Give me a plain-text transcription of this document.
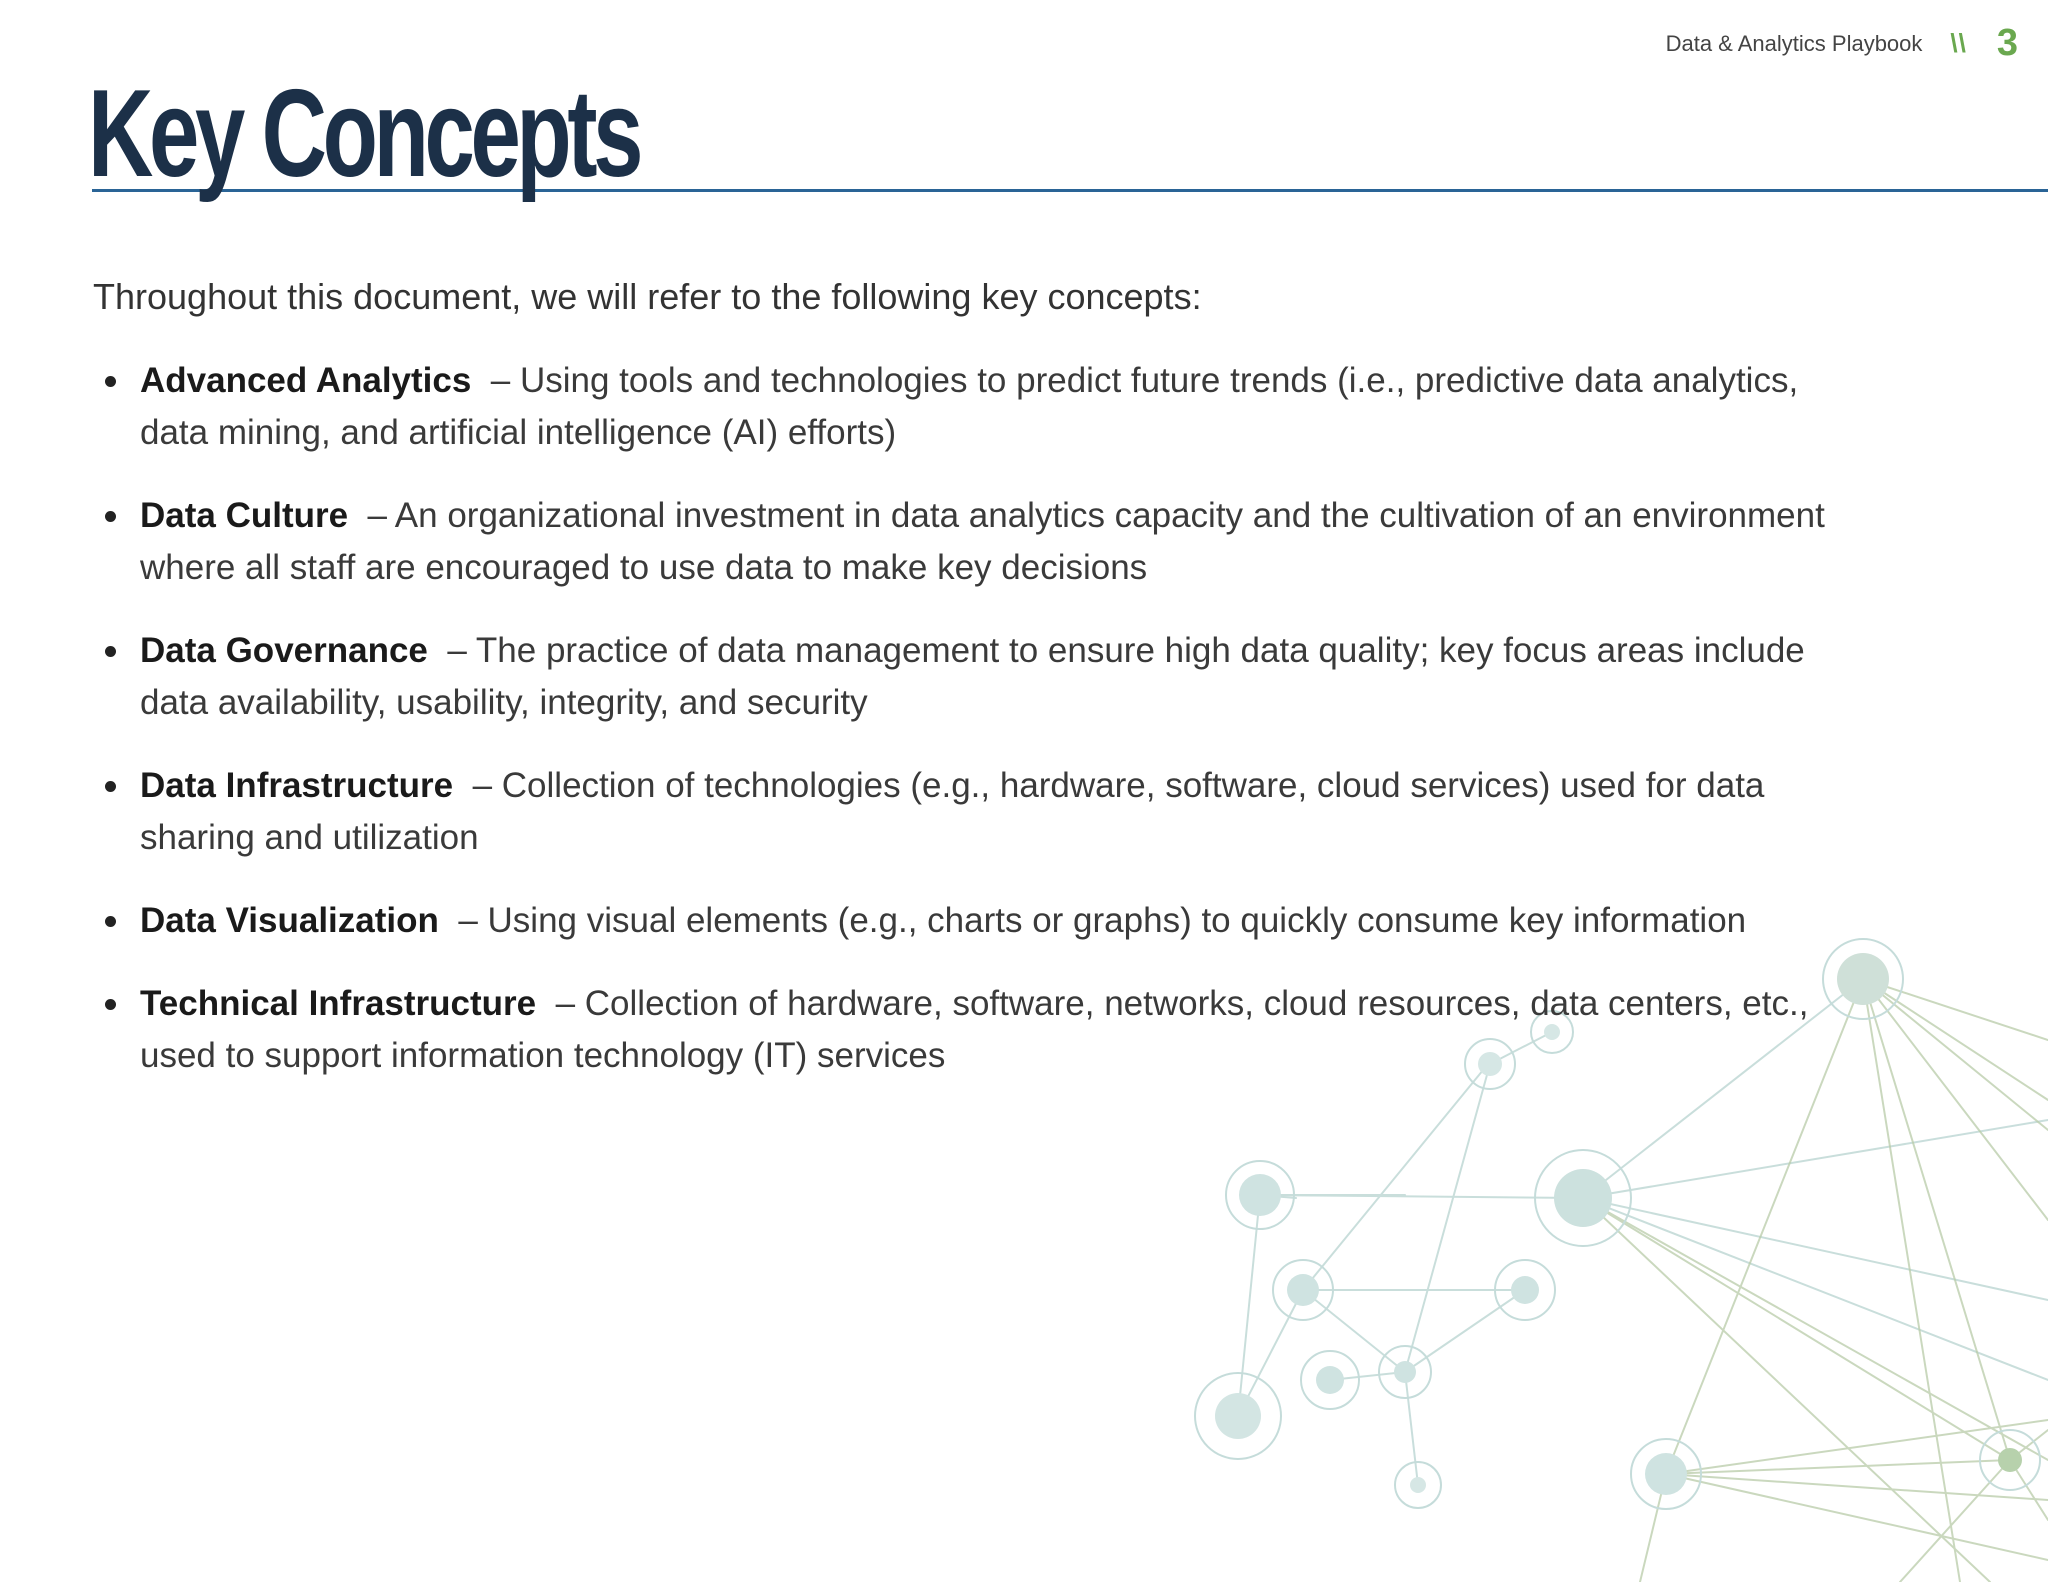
Data & Analytics Playbook \\ 3
Key Concepts

Throughout this document, we will refer to the following key concepts:

Advanced Analytics – Using tools and technologies to predict future trends (i.e., predictive data analytics, data mining, and artificial intelligence (AI) efforts)
Data Culture – An organizational investment in data analytics capacity and the cultivation of an environment where all staff are encouraged to use data to make key decisions
Data Governance – The practice of data management to ensure high data quality; key focus areas include data availability, usability, integrity, and security
Data Infrastructure – Collection of technologies (e.g., hardware, software, cloud services) used for data sharing and utilization
Data Visualization – Using visual elements (e.g., charts or graphs) to quickly consume key information
Technical Infrastructure – Collection of hardware, software, networks, cloud resources, data centers, etc., used to support information technology (IT) services
